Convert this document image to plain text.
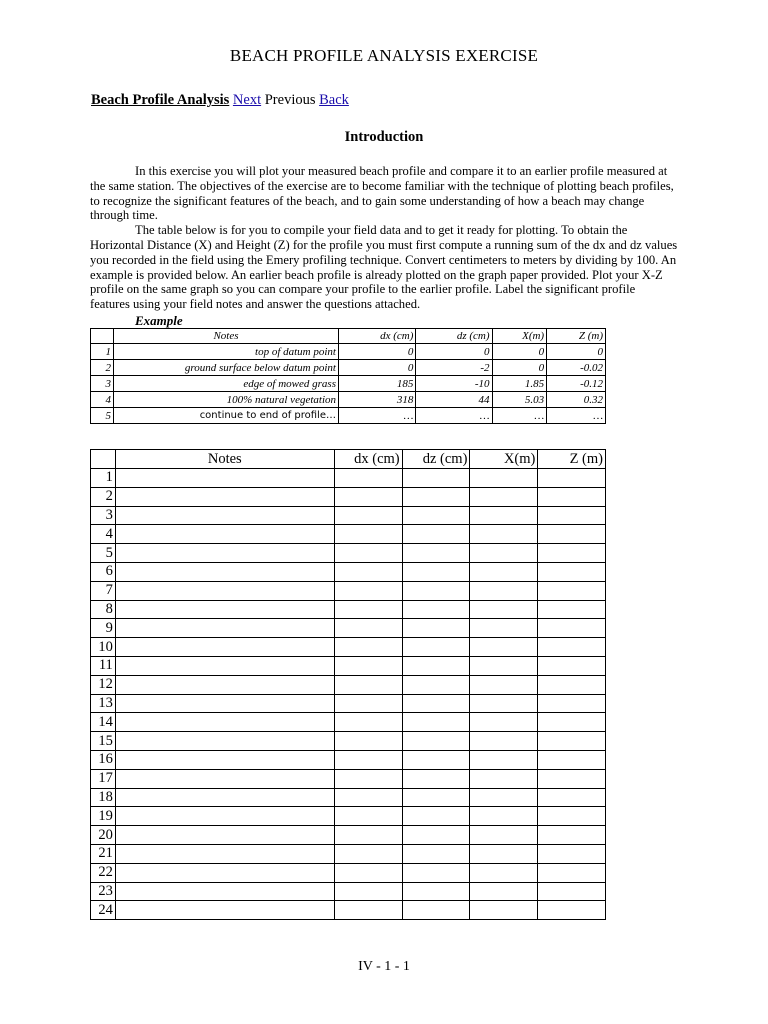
BEACH PROFILE ANALYSIS EXERCISE
Beach Profile Analysis Next Previous Back
Introduction

In this exercise you will plot your measured beach profile and compare it to an earlier profile measured at the same station. The objectives of the exercise are to become familiar with the technique of plotting beach profiles, to recognize the significant features of the beach, and to gain some understanding of how a beach may change through time.

The table below is for you to compile your field data and to get it ready for plotting. To obtain the Horizontal Distance (X) and Height (Z) for the profile you must first compute a running sum of the dx and dz values you recorded in the field using the Emery profiling technique. Convert centimeters to meters by dividing by 100. An example is provided below. An earlier beach profile is already plotted on the graph paper provided. Plot your X-Z profile on the same graph so you can compare your profile to the earlier profile. Label the significant profile features using your field notes and answer the questions attached.

Example
	Notes	dx (cm)	dz (cm)	X(m)	Z (m)
1	top of datum point	0	0	0	0
2	ground surface below datum point	0	-2	0	-0.02
3	edge of mowed grass	185	-10	1.85	-0.12
4	100% natural vegetation	318	44	5.03	0.32
5	continue to end of profile…	…	…	…	…
	Notes	dx (cm)	dz (cm)	X(m)	Z (m)
1					
2					
3					
4					
5					
6					
7					
8					
9					
10					
11					
12					
13					
14					
15					
16					
17					
18					
19					
20					
21					
22					
23					
24					
IV - 1 - 1
